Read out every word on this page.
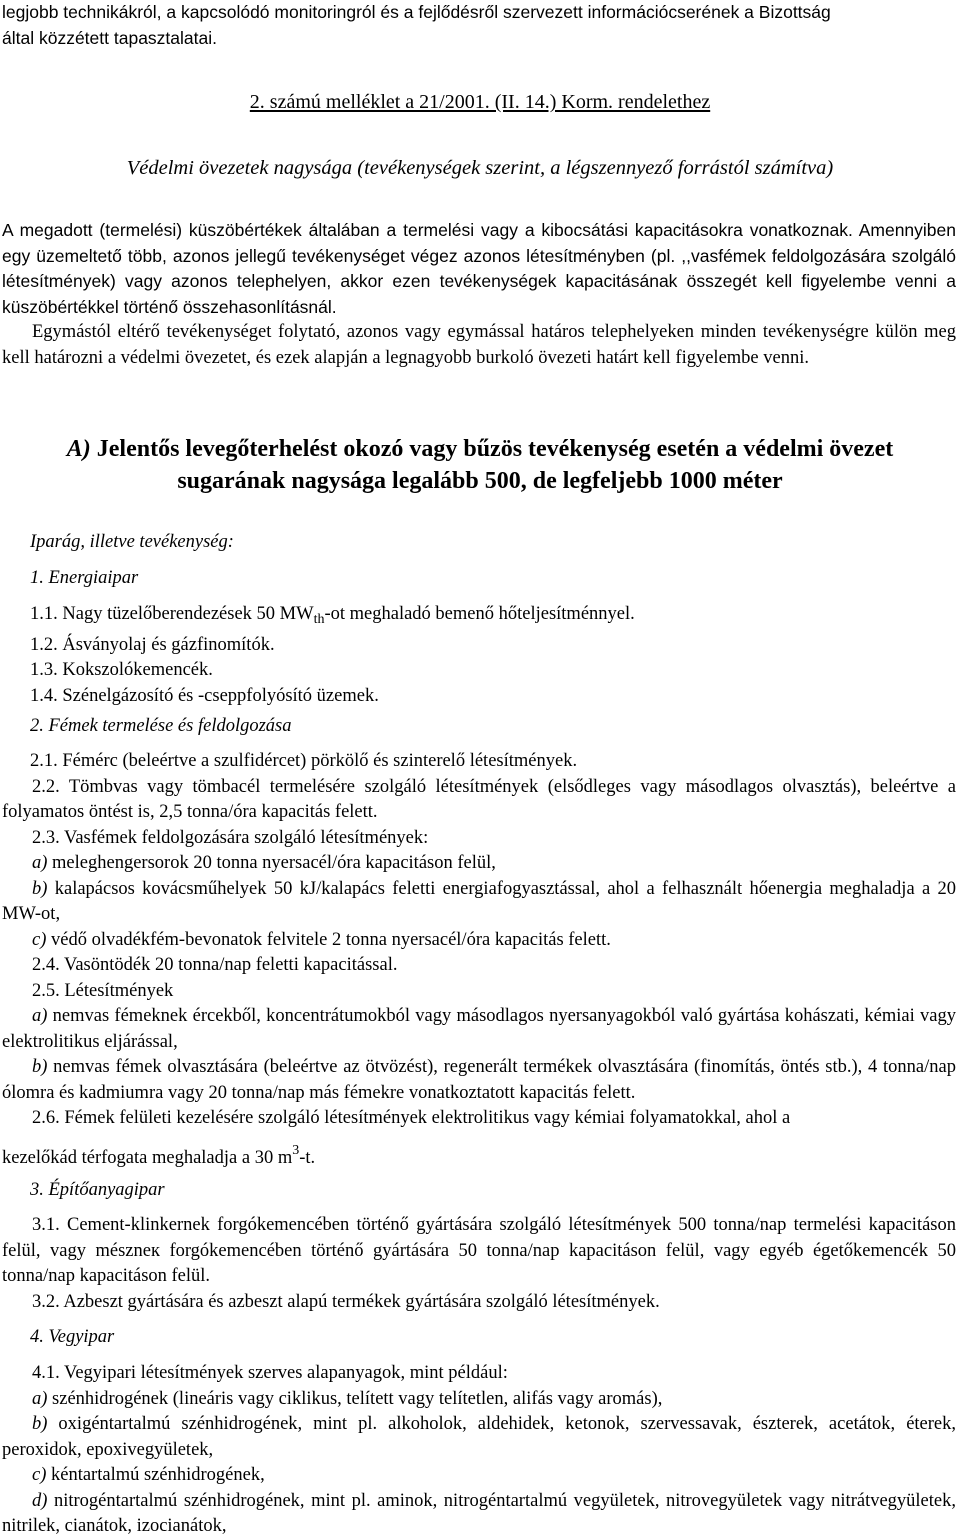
legjobb technikákról, a kapcsolódó monitoringról és a fejlődésről szervezett információcserének a Bizottság

által közzétett tapasztalatai.

2. számú melléklet a 21/2001. (II. 14.) Korm. rendelethez
Védelmi övezetek nagysága (tevékenységek szerint, a légszennyező forrástól számítva)

A megadott (termelési) küszöbértékek általában a termelési vagy a kibocsátási kapacitásokra vonatkoznak. Amennyiben egy üzemeltető több, azonos jellegű tevékenységet végez azonos létesítményben (pl. ,,vasfémek feldolgozására szolgáló létesítmények) vagy azonos telephelyen, akkor ezen tevékenységek kapacitásának összegét kell figyelembe venni a küszöbértékkel történő összehasonlításnál.

Egymástól eltérő tevékenységet folytató, azonos vagy egymással határos telephelyeken minden tevékenységre külön meg kell határozni a védelmi övezetet, és ezek alapján a legnagyobb burkoló övezeti határt kell figyelembe venni.

A) Jelentős levegőterhelést okozó vagy bűzös tevékenység esetén a védelmi övezet
sugarának nagysága legalább 500, de legfeljebb 1000 méter

Iparág, illetve tevékenység:
1. Energiaipar
1.1. Nagy tüzelőberendezések 50 $MW_{th}-ot$ meghaladó bemenő hőteljesítménnyel.
1.2. Ásványolaj és gázfinomítók.
1.3. Kokszolókemencék.
1.4. Szénelgázosító és -cseppfolyósító üzemek.
2. Fémek termelése és feldolgozása

2.1. Fémérc (beleértve a szulfidércet) pörkölő és szinterelő létesítmények.

2.2. Tömbvas vagy tömbacél termelésére szolgáló létesítmények (elsődleges vagy másodlagos olvasztás), beleértve a folyamatos öntést is, 2,5 tonna/óra kapacitás felett.

2.3. Vasfémek feldolgozására szolgáló létesítmények:

a) meleghengersorok 20 tonna nyersacél/óra kapacitáson felül,

b) kalapácsos kovácsműhelyek 50 kJ/kalapács feletti energiafogyasztással, ahol a felhasznált hőenergia meghaladja a 20 MW-ot,

c) védő olvadékfém-bevonatok felvitele 2 tonna nyersacél/óra kapacitás felett.

2.4. Vasöntödék 20 tonna/nap feletti kapacitással.

2.5. Létesítmények

a) nemvas fémeknek ércekből, koncentrátumokból vagy másodlagos nyersanyagokból való gyártása kohászati, kémiai vagy elektrolitikus eljárással,

b) nemvas fémek olvasztására (beleértve az ötvözést), regenerált termékek olvasztására (finomítás, öntés stb.), 4 tonna/nap ólomra és kadmiumra vagy 20 tonna/nap más fémekre vonatkoztatott kapacitás felett.

2.6. Fémek felületi kezelésére szolgáló létesítmények elektrolitikus vagy kémiai folyamatokkal, ahol a

kezelőkád térfogata meghaladja a 30 $m^3-t$.

3. Építőanyagipar

3.1. Cement-klinkernek forgókemencében történő gyártására szolgáló létesítmények 500 tonna/nap termelési kapacitáson felül, vagy mészneк forgókemencében történő gyártására 50 tonna/nap kapacitáson felül, vagy egyéb égetőkemencék 50 tonna/nap kapacitáson felül.

3.2. Azbeszt gyártására és azbeszt alapú termékek gyártására szolgáló létesítmények.

4. Vegyipar

4.1. Vegyipari létesítmények szerves alapanyagok, mint például:

a) szénhidrogének (lineáris vagy ciklikus, telített vagy telítetlen, alifás vagy aromás),

b) oxigéntartalmú szénhidrogének, mint pl. alkoholok, aldehidek, ketonok, szervessavak, észterek, acetátok, éterek, peroxidok, epoxivegyületek,

c) kéntartalmú szénhidrogének,

d) nitrogéntartalmú szénhidrogének, mint pl. aminok, nitrogéntartalmú vegyületek, nitrovegyületek vagy nitrátvegyületek, nitrilek, cianátok, izocianátok,
